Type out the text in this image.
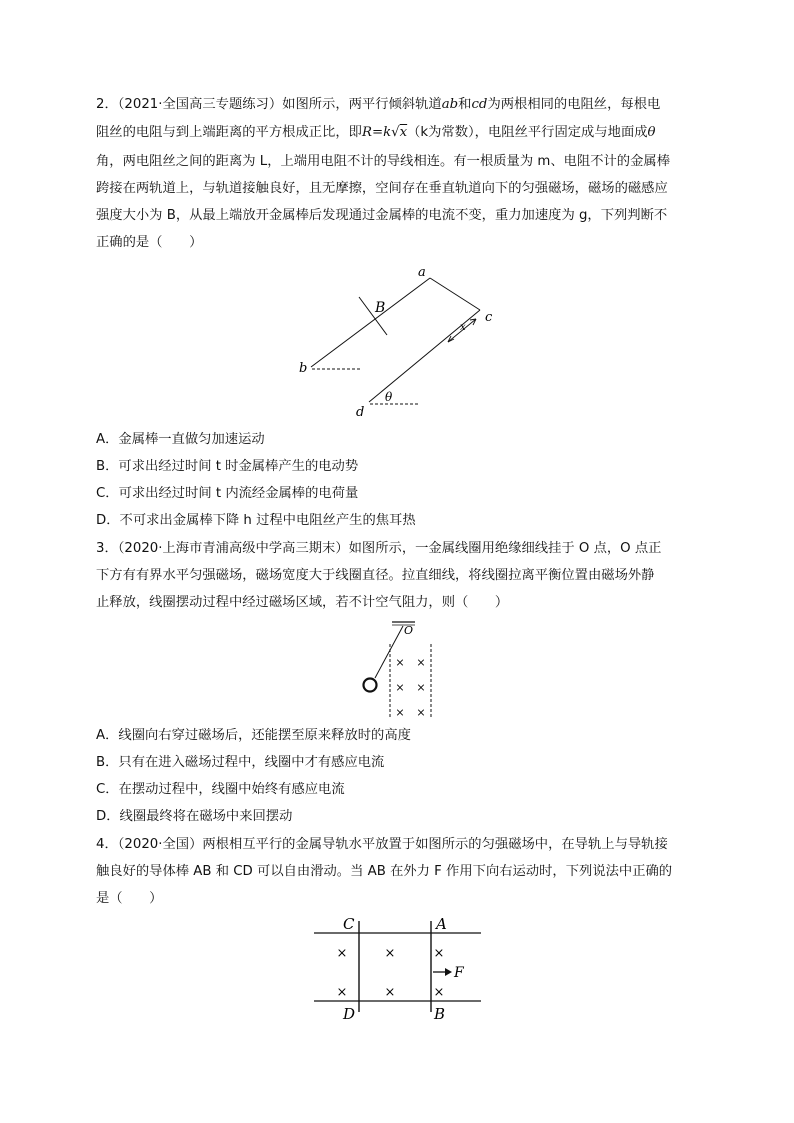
2．（2021·全国高三专题练习）如图所示，两平行倾斜轨道ab和cd为两根相同的电阻丝，每根电
阻丝的电阻与到上端距离的平方根成正比，即R=k√x（k为常数），电阻丝平行固定成与地面成θ
角，两电阻丝之间的距离为 L，上端用电阻不计的导线相连。有一根质量为 m、电阻不计的金属棒
跨接在两轨道上，与轨道接触良好，且无摩擦，空间存在垂直轨道向下的匀强磁场，磁场的磁感应
强度大小为 B，从最上端放开金属棒后发现通过金属棒的电流不变，重力加速度为 g，下列判断不
正确的是（　　）
B
a
b
c
d
θ
x
A．金属棒一直做匀加速运动
B．可求出经过时间 t 时金属棒产生的电动势
C．可求出经过时间 t 内流经金属棒的电荷量
D．不可求出金属棒下降 h 过程中电阻丝产生的焦耳热
3．（2020·上海市青浦高级中学高三期末）如图所示，一金属线圈用绝缘细线挂于 O 点，O 点正
下方有有界水平匀强磁场，磁场宽度大于线圈直径。拉直细线，将线圈拉离平衡位置由磁场外静
止释放，线圈摆动过程中经过磁场区域，若不计空气阻力，则（　　）
O
× ×
× ×
× ×
A．线圈向右穿过磁场后，还能摆至原来释放时的高度
B．只有在进入磁场过程中，线圈中才有感应电流
C．在摆动过程中，线圈中始终有感应电流
D．线圈最终将在磁场中来回摆动
4．（2020·全国）两根相互平行的金属导轨水平放置于如图所示的匀强磁场中，在导轨上与导轨接
触良好的导体棒 AB 和 CD 可以自由滑动。当 AB 在外力 F 作用下向右运动时，下列说法中正确的
是（　　）
C	A
D	B
×	×	×
×	×	×
F
